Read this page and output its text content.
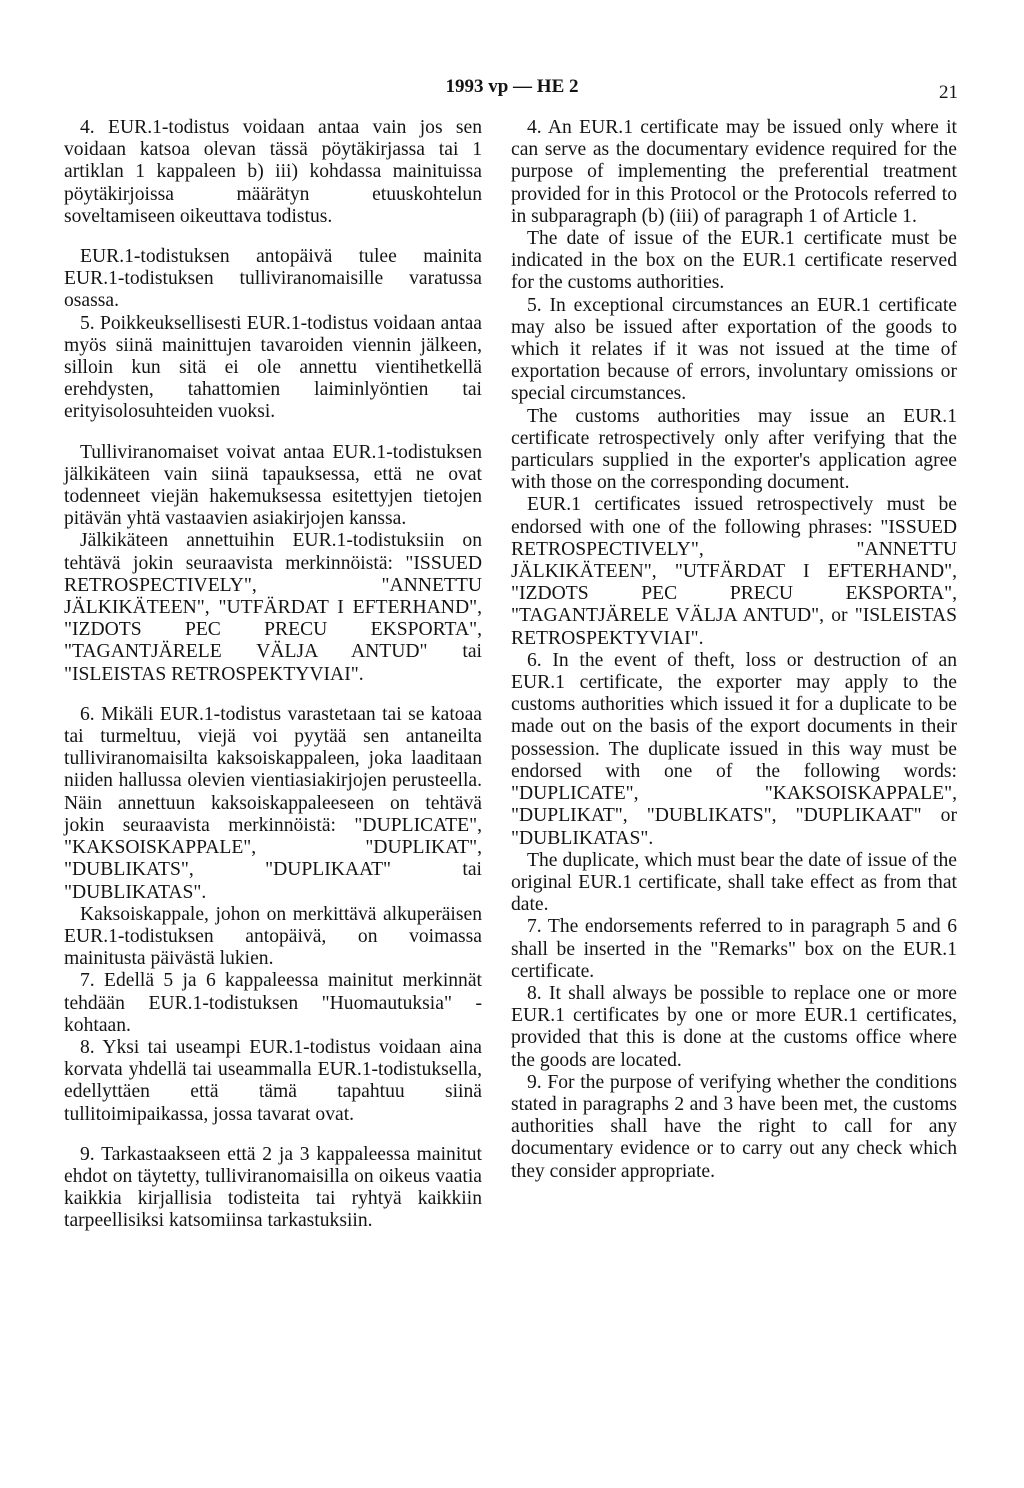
1993 vp — HE 2	21

4. EUR.1-todistus voidaan antaa vain jos sen voidaan katsoa olevan tässä pöytäkirjassa tai 1 artiklan 1 kappaleen b) iii) kohdassa mainituissa pöytäkirjoissa määrätyn etuuskohtelun soveltamiseen oikeuttava todistus.

EUR.1-todistuksen antopäivä tulee mainita EUR.1-todistuksen tulliviranomaisille varatussa osassa.

5. Poikkeuksellisesti EUR.1-todistus voidaan antaa myös siinä mainittujen tavaroiden viennin jälkeen, silloin kun sitä ei ole annettu vientihetkellä erehdysten, tahattomien laiminlyöntien tai erityisolosuhteiden vuoksi.

Tulliviranomaiset voivat antaa EUR.1-todistuksen jälkikäteen vain siinä tapauksessa, että ne ovat todenneet viejän hakemuksessa esitettyjen tietojen pitävän yhtä vastaavien asiakirjojen kanssa.

Jälkikäteen annettuihin EUR.1-todistuksiin on tehtävä jokin seuraavista merkinnöistä: "ISSUED RETROSPECTIVELY", "ANNETTU JÄLKIKÄTEEN", "UTFÄRDAT I EFTERHAND", "IZDOTS PEC PRECU EKSPORTA", "TAGANTJÄRELE VÄLJA ANTUD" tai "ISLEISTAS RETROSPEKTYVIAI".

6. Mikäli EUR.1-todistus varastetaan tai se katoaa tai turmeltuu, viejä voi pyytää sen antaneilta tulliviranomaisilta kaksoiskappaleen, joka laaditaan niiden hallussa olevien vientiasiakirjojen perusteella. Näin annettuun kaksoiskappaleeseen on tehtävä jokin seuraavista merkinnöistä: "DUPLICATE", "KAKSOISKAPPALE", "DUPLIKAT", "DUBLIKATS", "DUPLIKAAT" tai "DUBLIKATAS".

Kaksoiskappale, johon on merkittävä alkuperäisen EUR.1-todistuksen antopäivä, on voimassa mainitusta päivästä lukien.

7. Edellä 5 ja 6 kappaleessa mainitut merkinnät tehdään EUR.1-todistuksen "Huomautuksia" -kohtaan.

8. Yksi tai useampi EUR.1-todistus voidaan aina korvata yhdellä tai useammalla EUR.1-todistuksella, edellyttäen että tämä tapahtuu siinä tullitoimipaikassa, jossa tavarat ovat.

9. Tarkastaakseen että 2 ja 3 kappaleessa mainitut ehdot on täytetty, tulliviranomaisilla on oikeus vaatia kaikkia kirjallisia todisteita tai ryhtyä kaikkiin tarpeellisiksi katsomiinsa tarkastuksiin.

4. An EUR.1 certificate may be issued only where it can serve as the documentary evidence required for the purpose of implementing the preferential treatment provided for in this Protocol or the Protocols referred to in subparagraph (b) (iii) of paragraph 1 of Article 1.

The date of issue of the EUR.1 certificate must be indicated in the box on the EUR.1 certificate reserved for the customs authorities.

5. In exceptional circumstances an EUR.1 certificate may also be issued after exportation of the goods to which it relates if it was not issued at the time of exportation because of errors, involuntary omissions or special circumstances.

The customs authorities may issue an EUR.1 certificate retrospectively only after verifying that the particulars supplied in the exporter's application agree with those on the corresponding document.

EUR.1 certificates issued retrospectively must be endorsed with one of the following phrases: "ISSUED RETROSPECTIVELY", "ANNETTU JÄLKIKÄTEEN", "UTFÄRDAT I EFTERHAND", "IZDOTS PEC PRECU EKSPORTA", "TAGANTJÄRELE VÄLJA ANTUD", or "ISLEISTAS RETROSPEKTYVIAI".

6. In the event of theft, loss or destruction of an EUR.1 certificate, the exporter may apply to the customs authorities which issued it for a duplicate to be made out on the basis of the export documents in their possession. The duplicate issued in this way must be endorsed with one of the following words: "DUPLICATE", "KAKSOISKAPPALE", "DUPLIKAT", "DUBLIKATS", "DUPLIKAAT" or "DUBLIKATAS".

The duplicate, which must bear the date of issue of the original EUR.1 certificate, shall take effect as from that date.

7. The endorsements referred to in paragraph 5 and 6 shall be inserted in the "Remarks" box on the EUR.1 certificate.

8. It shall always be possible to replace one or more EUR.1 certificates by one or more EUR.1 certificates, provided that this is done at the customs office where the goods are located.

9. For the purpose of verifying whether the conditions stated in paragraphs 2 and 3 have been met, the customs authorities shall have the right to call for any documentary evidence or to carry out any check which they consider appropriate.
